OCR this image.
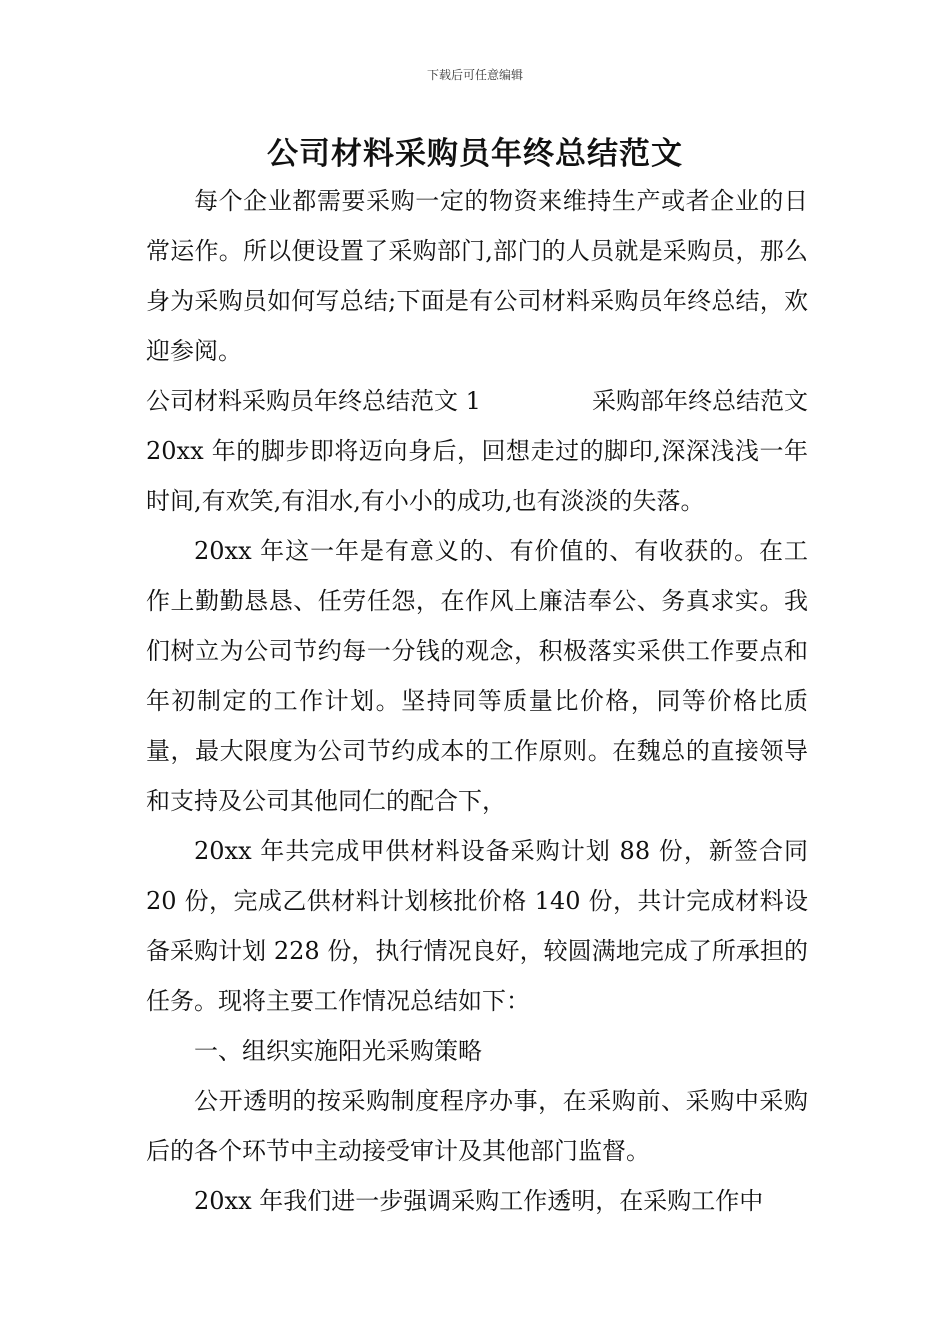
下载后可任意编辑
公司材料采购员年终总结范文

每个企业都需要采购一定的物资来维持生产或者企业的日常运作。所以便设置了采购部门,部门的人员就是采购员，那么身为采购员如何写总结;下面是有公司材料采购员年终总结，欢迎参阅。

公司材料采购员年终总结范文 1	采购部年终总结范文

20xx 年的脚步即将迈向身后，回想走过的脚印,深深浅浅一年时间,有欢笑,有泪水,有小小的成功,也有淡淡的失落。

20xx 年这一年是有意义的、有价值的、有收获的。在工作上勤勤恳恳、任劳任怨，在作风上廉洁奉公、务真求实。我们树立为公司节约每一分钱的观念，积极落实采供工作要点和年初制定的工作计划。坚持同等质量比价格，同等价格比质量，最大限度为公司节约成本的工作原则。在魏总的直接领导和支持及公司其他同仁的配合下，

20xx 年共完成甲供材料设备采购计划 88 份，新签合同20 份，完成乙供材料计划核批价格 140 份，共计完成材料设备采购计划 228 份，执行情况良好，较圆满地完成了所承担的任务。现将主要工作情况总结如下：

一、组织实施阳光采购策略

公开透明的按采购制度程序办事，在采购前、采购中采购后的各个环节中主动接受审计及其他部门监督。

20xx 年我们进一步强调采购工作透明，在采购工作中
